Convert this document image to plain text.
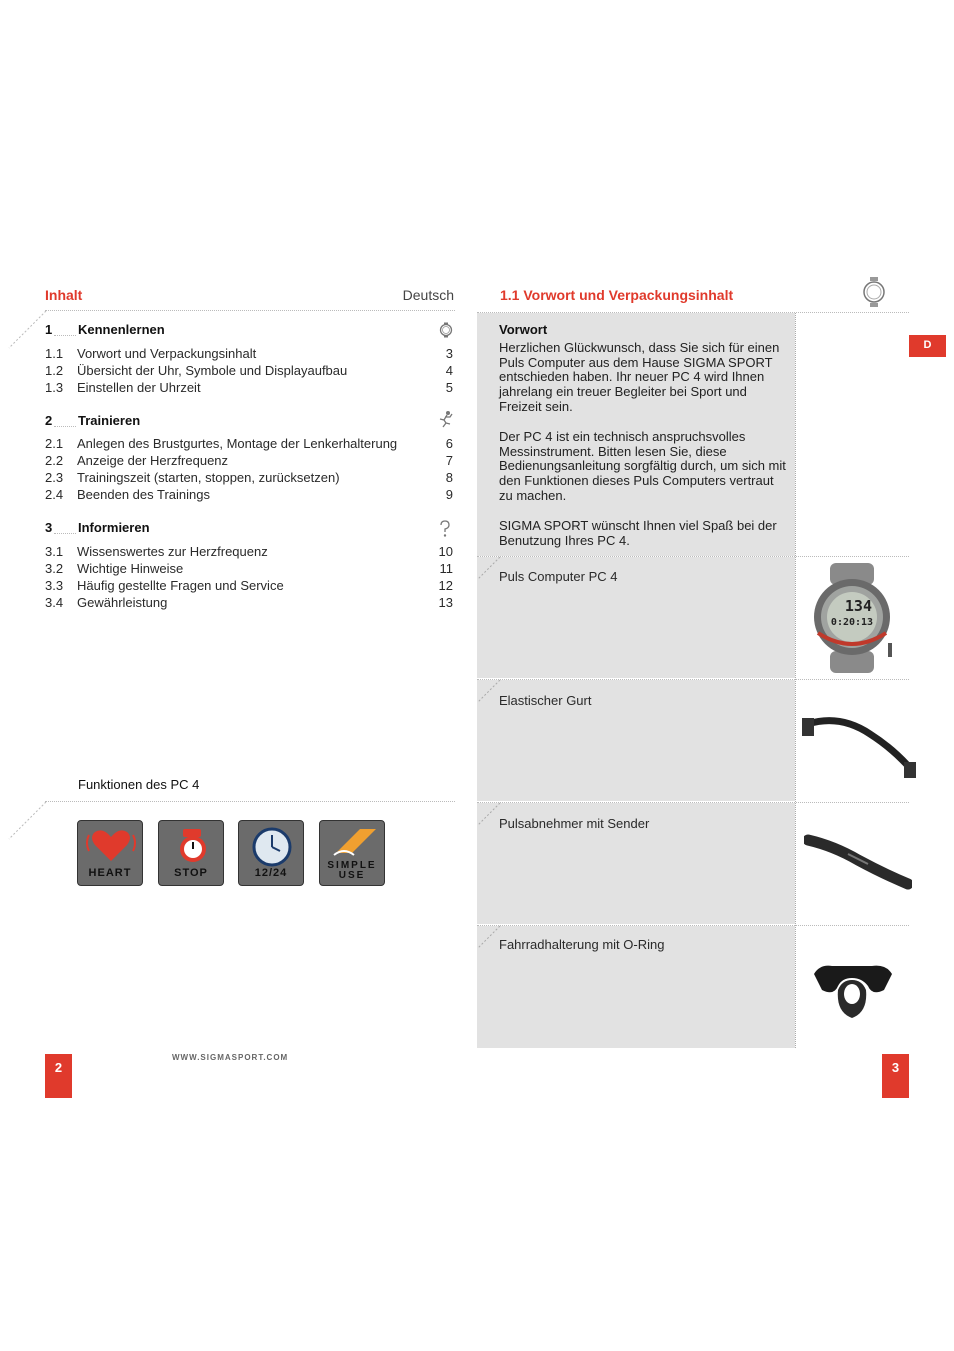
Inhalt	Deutsch
1 Kennenlernen
1.1 Vorwort und Verpackungsinhalt	3
1.2 Übersicht der Uhr, Symbole und Displayaufbau	4
1.3 Einstellen der Uhrzeit	5
2 Trainieren
2.1 Anlegen des Brustgurtes, Montage der Lenkerhalterung	6
2.2 Anzeige der Herzfrequenz	7
2.3 Trainingszeit (starten, stoppen, zurücksetzen)	8
2.4 Beenden des Trainings	9
3 Informieren
3.1 Wissenswertes zur Herzfrequenz	10
3.2 Wichtige Hinweise	11
3.3 Häufig gestellte Fragen und Service	12
3.4 Gewährleistung	13
Funktionen des PC 4
HEART	STOP	12/24
SIMPLE USE
2
WWW.SIGMASPORT.COM
1.1 Vorwort und Verpackungsinhalt
D
Vorwort
Herzlichen Glückwunsch, dass Sie sich für einen Puls Computer aus dem Hause SIGMA SPORT entschieden haben. Ihr neuer PC 4 wird Ihnen jahrelang ein treuer Begleiter bei Sport und Freizeit sein.
Der PC 4 ist ein technisch anspruchsvolles Messinstrument. Bitten lesen Sie, diese Bedienungsanleitung sorgfältig durch, um sich mit den Funktionen dieses Puls Computers vertraut zu machen.
SIGMA SPORT wünscht Ihnen viel Spaß bei der Benutzung Ihres PC 4.
Puls Computer PC 4
Elastischer Gurt
Pulsabnehmer mit Sender
Fahrradhalterung mit O-Ring
134
0:20:13
3
